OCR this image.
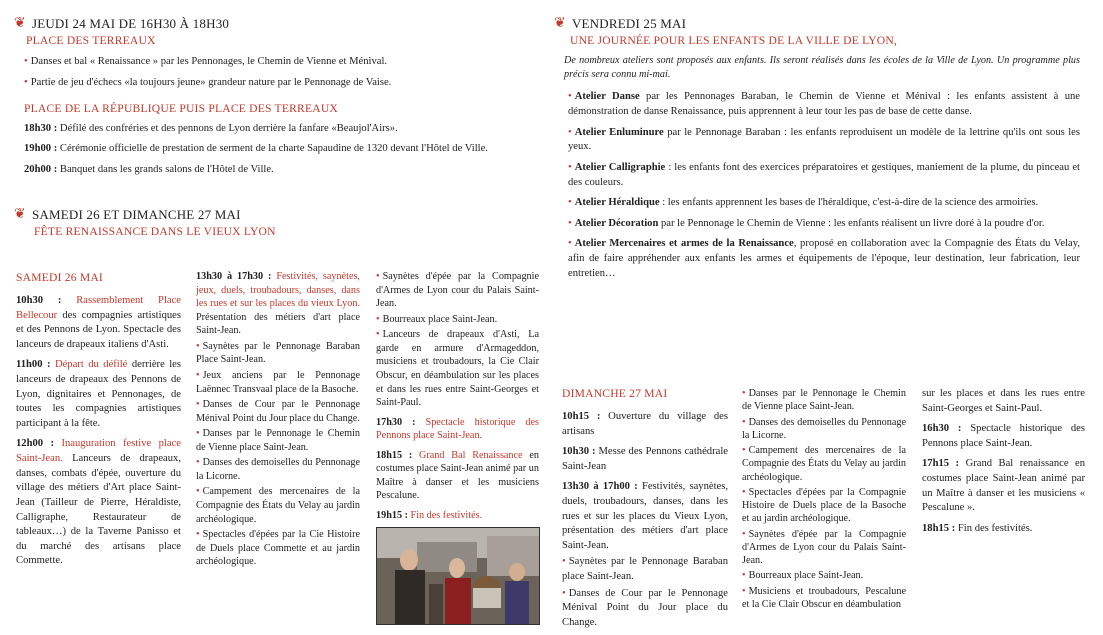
❦ JEUDI 24 MAI DE 16H30 À 18H30
PLACE DES TERREAUX

• Danses et bal « Renaissance » par les Pennonages, le Chemin de Vienne et Ménival.

• Partie de jeu d'échecs «la toujours jeune» grandeur nature par le Pennonage de Vaise.

PLACE DE LA RÉPUBLIQUE PUIS PLACE DES TERREAUX

18h30 : Défilé des confréries et des pennons de Lyon derrière la fanfare «Beaujol'Airs».

19h00 : Cérémonie officielle de prestation de serment de la charte Sapaudine de 1320 devant l'Hôtel de Ville.

20h00 : Banquet dans les grands salons de l'Hôtel de Ville.

❦ SAMEDI 26 ET DIMANCHE 27 MAI
FÊTE RENAISSANCE DANS LE VIEUX LYON
SAMEDI 26 MAI

10h30 : Rassemblement Place Bellecour des compagnies artistiques et des Pennons de Lyon. Spectacle des lanceurs de drapeaux italiens d'Asti.

11h00 : Départ du défilé derrière les lanceurs de drapeaux des Pennons de Lyon, dignitaires et Pennonages, de toutes les compagnies artistiques participant à la fête.

12h00 : Inauguration festive place Saint-Jean. Lanceurs de drapeaux, danses, combats d'épée, ouverture du village des métiers d'Art place Saint-Jean (Tailleur de Pierre, Héraldiste, Calligraphe, Restaurateur de tableaux…) de la Taverne Panisso et du marché des artisans place Commette.

13h30 à 17h30 : Festivités, saynètes, jeux, duels, troubadours, danses, dans les rues et sur les places du vieux Lyon. Présentation des métiers d'art place Saint-Jean.

• Saynètes par le Pennonage Baraban Place Saint-Jean.

• Jeux anciens par le Pennonage Laënnec Transvaal place de la Basoche.

• Danses de Cour par le Pennonage Ménival Point du Jour place du Change.

• Danses par le Pennonage le Chemin de Vienne place Saint-Jean.

• Danses des demoiselles du Pennonage la Licorne.

• Campement des mercenaires de la Compagnie des États du Velay au jardin archéologique.

• Spectacles d'épées par la Cie Histoire de Duels place Commette et au jardin archéologique.

• Saynètes d'épée par la Compagnie d'Armes de Lyon cour du Palais Saint-Jean.

• Bourreaux place Saint-Jean.

• Lanceurs de drapeaux d'Asti, La garde en armure d'Armageddon, musiciens et troubadours, la Cie Clair Obscur, en déambulation sur les places et dans les rues entre Saint-Georges et Saint-Paul.

17h30 : Spectacle historique des Pennons place Saint-Jean.

18h15 : Grand Bal Renaissance en costumes place Saint-Jean animé par un Maître à danser et les musiciens Pescalune.

19h15 : Fin des festivités.

❦ VENDREDI 25 MAI
UNE JOURNÉE POUR LES ENFANTS DE LA VILLE DE LYON,

De nombreux ateliers sont proposés aux enfants. Ils seront réalisés dans les écoles de la Ville de Lyon. Un programme plus précis sera connu mi-mai.

• Atelier Danse par les Pennonages Baraban, le Chemin de Vienne et Ménival : les enfants assistent à une démonstration de danse Renaissance, puis apprennent à leur tour les pas de base de cette danse.

• Atelier Enluminure par le Pennonage Baraban : les enfants reproduisent un modèle de la lettrine qu'ils ont sous les yeux.

• Atelier Calligraphie : les enfants font des exercices préparatoires et gestiques, maniement de la plume, du pinceau et des couleurs.

• Atelier Héraldique : les enfants apprennent les bases de l'héraldique, c'est-à-dire de la science des armoiries.

• Atelier Décoration par le Pennonage le Chemin de Vienne : les enfants réalisent un livre doré à la poudre d'or.

• Atelier Mercenaires et armes de la Renaissance, proposé en collaboration avec la Compagnie des États du Velay, afin de faire appréhender aux enfants les armes et équipements de l'époque, leur destination, leur fabrication, leur entretien…

DIMANCHE 27 MAI

10h15 : Ouverture du village des artisans

10h30 : Messe des Pennons cathédrale Saint-Jean

13h30 à 17h00 : Festivités, saynètes, duels, troubadours, danses, dans les rues et sur les places du Vieux Lyon, présentation des métiers d'art place Saint-Jean.

• Saynètes par le Pennonage Baraban place Saint-Jean.

• Danses de Cour par le Pennonage Ménival Point du Jour place du Change.

• Danses par le Pennonage le Chemin de Vienne place Saint-Jean.

• Danses des demoiselles du Pennonage la Licorne.

• Campement des mercenaires de la Compagnie des États du Velay au jardin archéologique.

• Spectacles d'épées par la Compagnie Histoire de Duels place de la Basoche et au jardin archéologique.

• Saynètes d'épée par la Compagnie d'Armes de Lyon cour du Palais Saint-Jean.

• Bourreaux place Saint-Jean.

• Musiciens et troubadours, Pescalune et la Cie Clair Obscur en déambulation

sur les places et dans les rues entre Saint-Georges et Saint-Paul.

16h30 : Spectacle historique des Pennons place Saint-Jean.

17h15 : Grand Bal renaissance en costumes place Saint-Jean animé par un Maître à danser et les musiciens « Pescalune ».

18h15 : Fin des festivités.
